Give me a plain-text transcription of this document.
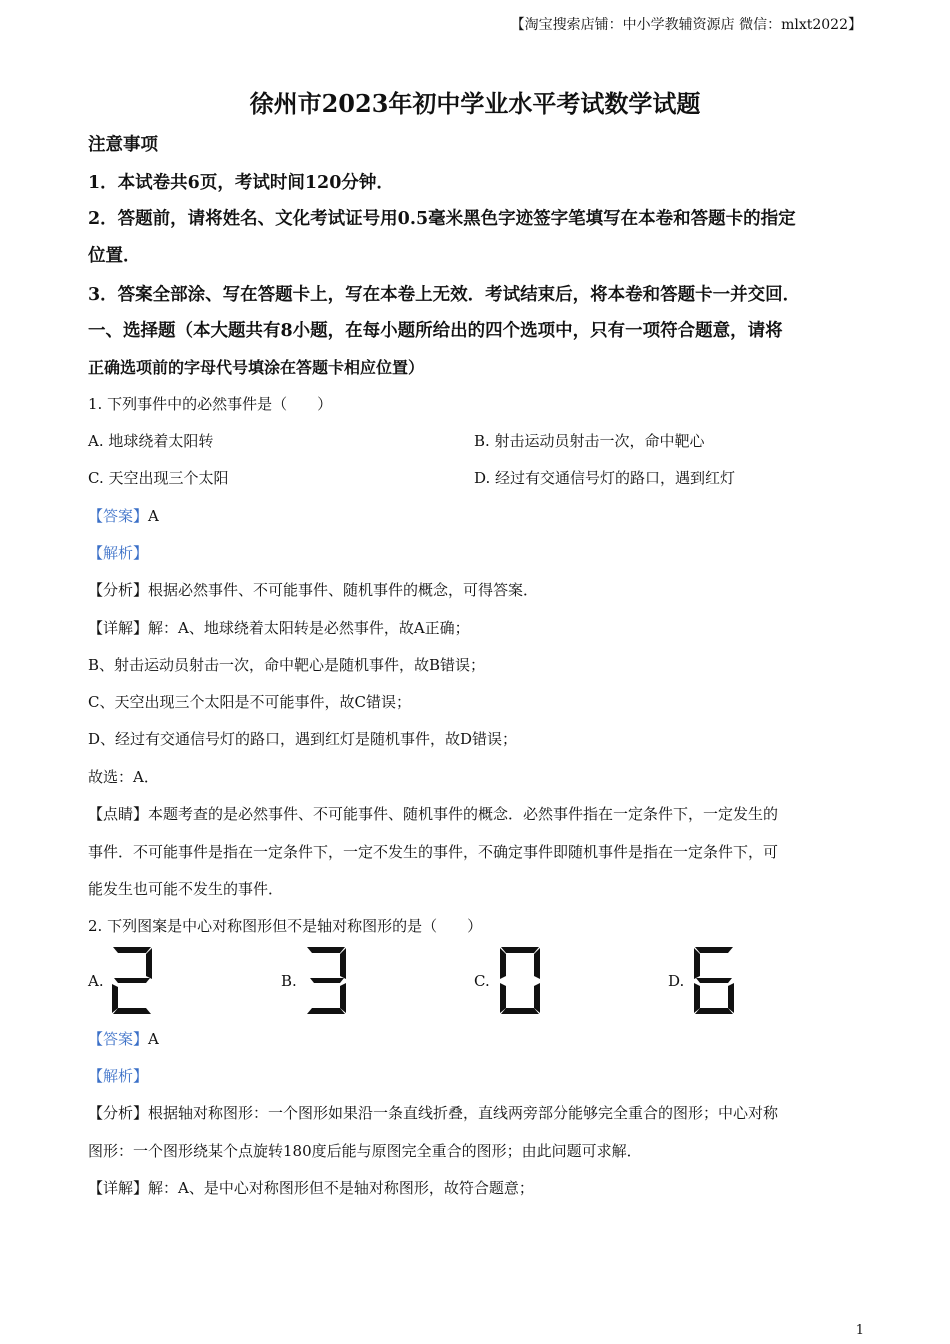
【淘宝搜索店铺：中小学教辅资源店 微信：mlxt2022】
徐州市2023年初中学业水平考试数学试题
注意事项
1．本试卷共6页，考试时间120分钟．
2．答题前，请将姓名、文化考试证号用0.5毫米黑色字迹签字笔填写在本卷和答题卡的指定
位置．
3．答案全部涂、写在答题卡上，写在本卷上无效．考试结束后，将本卷和答题卡一并交回．
一、选择题（本大题共有8小题，在每小题所给出的四个选项中，只有一项符合题意，请将
正确选项前的字母代号填涂在答题卡相应位置）
1. 下列事件中的必然事件是（　　）
A. 地球绕着太阳转	B. 射击运动员射击一次，命中靶心
C. 天空出现三个太阳	D. 经过有交通信号灯的路口，遇到红灯
【答案】A
【解析】
【分析】根据必然事件、不可能事件、随机事件的概念，可得答案．
【详解】解：A、地球绕着太阳转是必然事件，故A正确；
B、射击运动员射击一次，命中靶心是随机事件，故B错误；
C、天空出现三个太阳是不可能事件，故C错误；
D、经过有交通信号灯的路口，遇到红灯是随机事件，故D错误；
故选：A．
【点睛】本题考查的是必然事件、不可能事件、随机事件的概念．必然事件指在一定条件下，一定发生的
事件．不可能事件是指在一定条件下，一定不发生的事件，不确定事件即随机事件是指在一定条件下，可
能发生也可能不发生的事件．
2. 下列图案是中心对称图形但不是轴对称图形的是（　　）
A.	B.	C.	D.
【答案】A
【解析】
【分析】根据轴对称图形：一个图形如果沿一条直线折叠，直线两旁部分能够完全重合的图形；中心对称
图形：一个图形绕某个点旋转180度后能与原图完全重合的图形；由此问题可求解．
【详解】解：A、是中心对称图形但不是轴对称图形，故符合题意；
1
